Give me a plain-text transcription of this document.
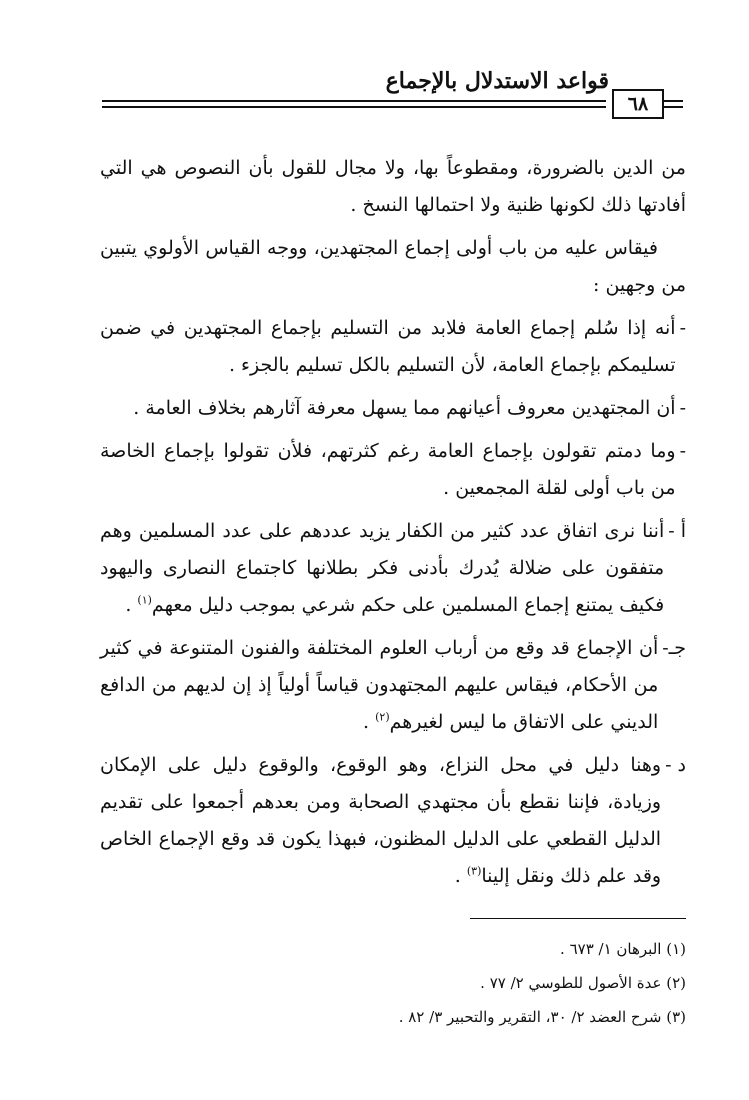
قواعد الاستدلال بالإجماع
٦٨

من الدين بالضرورة، ومقطوعاً بها، ولا مجال للقول بأن النصوص هي التي أفادتها ذلك لكونها ظنية ولا احتمالها النسخ .

فيقاس عليه من باب أولى إجماع المجتهدين، ووجه القياس الأولوي يتبين من وجهين :

-
أنه إذا سُلم إجماع العامة فلابد من التسليم بإجماع المجتهدين في ضمن تسليمكم بإجماع العامة، لأن التسليم بالكل تسليم بالجزء .
-
أن المجتهدين معروف أعيانهم مما يسهل معرفة آثارهم بخلاف العامة .
-
وما دمتم تقولون بإجماع العامة رغم كثرتهم، فلأن تقولوا بإجماع الخاصة من باب أولى لقلة المجمعين .
أ -
أننا نرى اتفاق عدد كثير من الكفار يزيد عددهم على عدد المسلمين وهم متفقون على ضلالة يُدرك بأدنى فكر بطلانها كاجتماع النصارى واليهود فكيف يمتنع إجماع المسلمين على حكم شرعي بموجب دليل معهم$^{(١)}$ .
جـ-
أن الإجماع قد وقع من أرباب العلوم المختلفة والفنون المتنوعة في كثير من الأحكام، فيقاس عليهم المجتهدون قياساً أولياً إذ إن لديهم من الدافع الديني على الاتفاق ما ليس لغيرهم$^{(٢)}$ .
د -
وهنا دليل في محل النزاع، وهو الوقوع، والوقوع دليل على الإمكان وزيادة، فإننا نقطع بأن مجتهدي الصحابة ومن بعدهم أجمعوا على تقديم الدليل القطعي على الدليل المظنون، فبهذا يكون قد وقع الإجماع الخاص وقد علم ذلك ونقل إلينا$^{(٣)}$ .

(١) البرهان ١/ ٦٧٣ .

(٢) عدة الأصول للطوسي ٢/ ٧٧ .

(٣) شرح العضد ٢/ ٣٠، التقرير والتحبير ٣/ ٨٢ .
